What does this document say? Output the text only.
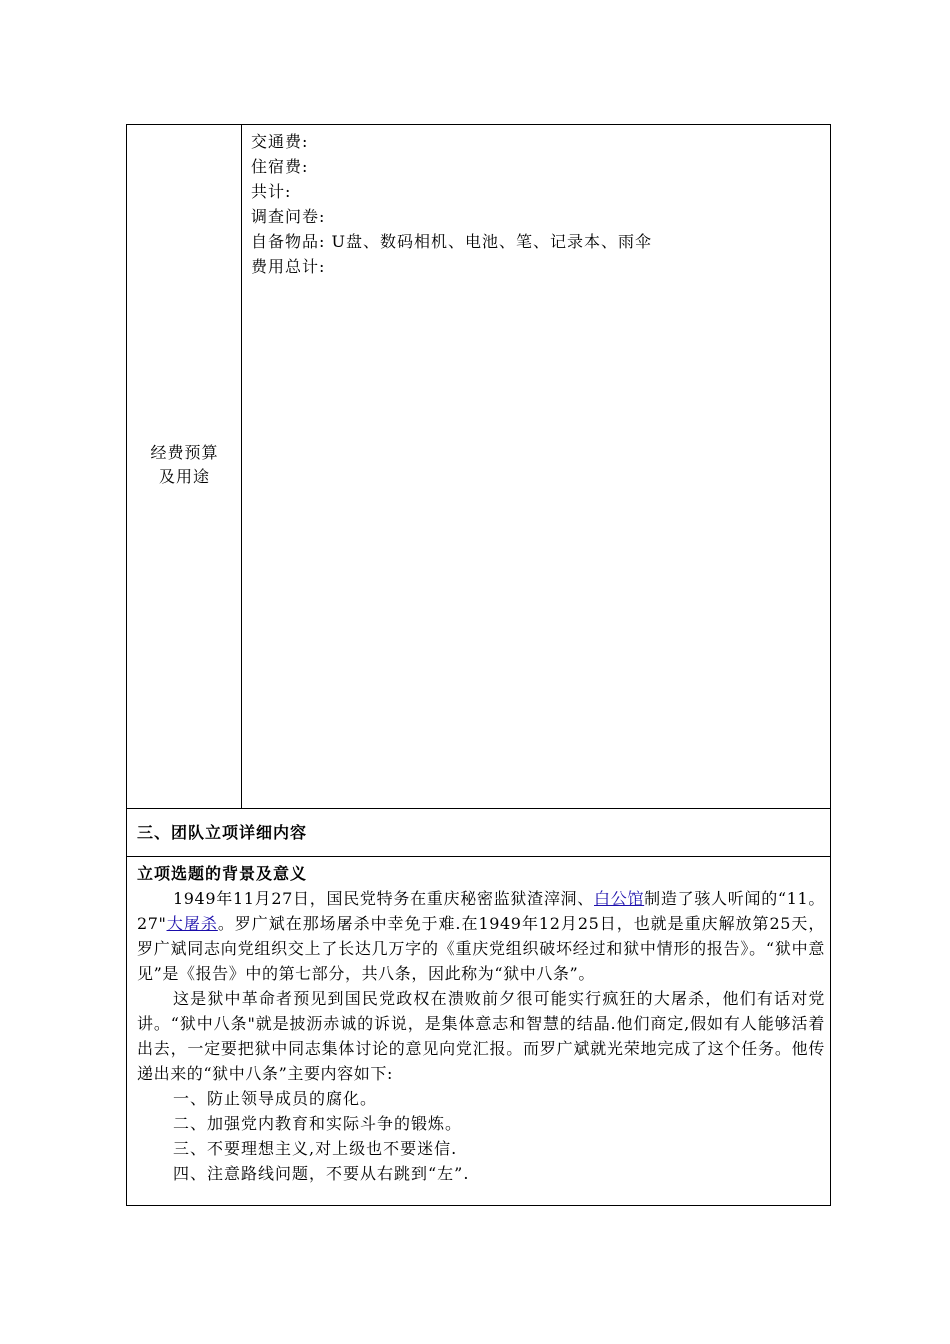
经费预算
及用途
交通费:
住宿费:
共计:
调查问卷:
自备物品: U盘、数码相机、电池、笔、记录本、雨伞
费用总计:
三、团队立项详细内容
立项选题的背景及意义

1949年11月27日，国民党特务在重庆秘密监狱渣滓洞、白公馆制造了骇人听闻的“11。27"大屠杀。罗广斌在那场屠杀中幸免于难.在1949年12月25日，也就是重庆解放第25天，罗广斌同志向党组织交上了长达几万字的《重庆党组织破坏经过和狱中情形的报告》。“狱中意见”是《报告》中的第七部分，共八条，因此称为“狱中八条”。

这是狱中革命者预见到国民党政权在溃败前夕很可能实行疯狂的大屠杀，他们有话对党讲。“狱中八条"就是披沥赤诚的诉说，是集体意志和智慧的结晶.他们商定,假如有人能够活着出去，一定要把狱中同志集体讨论的意见向党汇报。而罗广斌就光荣地完成了这个任务。他传递出来的“狱中八条”主要内容如下:

一、防止领导成员的腐化。
二、加强党内教育和实际斗争的锻炼。
三、不要理想主义,对上级也不要迷信.
四、注意路线问题，不要从右跳到“左”.
